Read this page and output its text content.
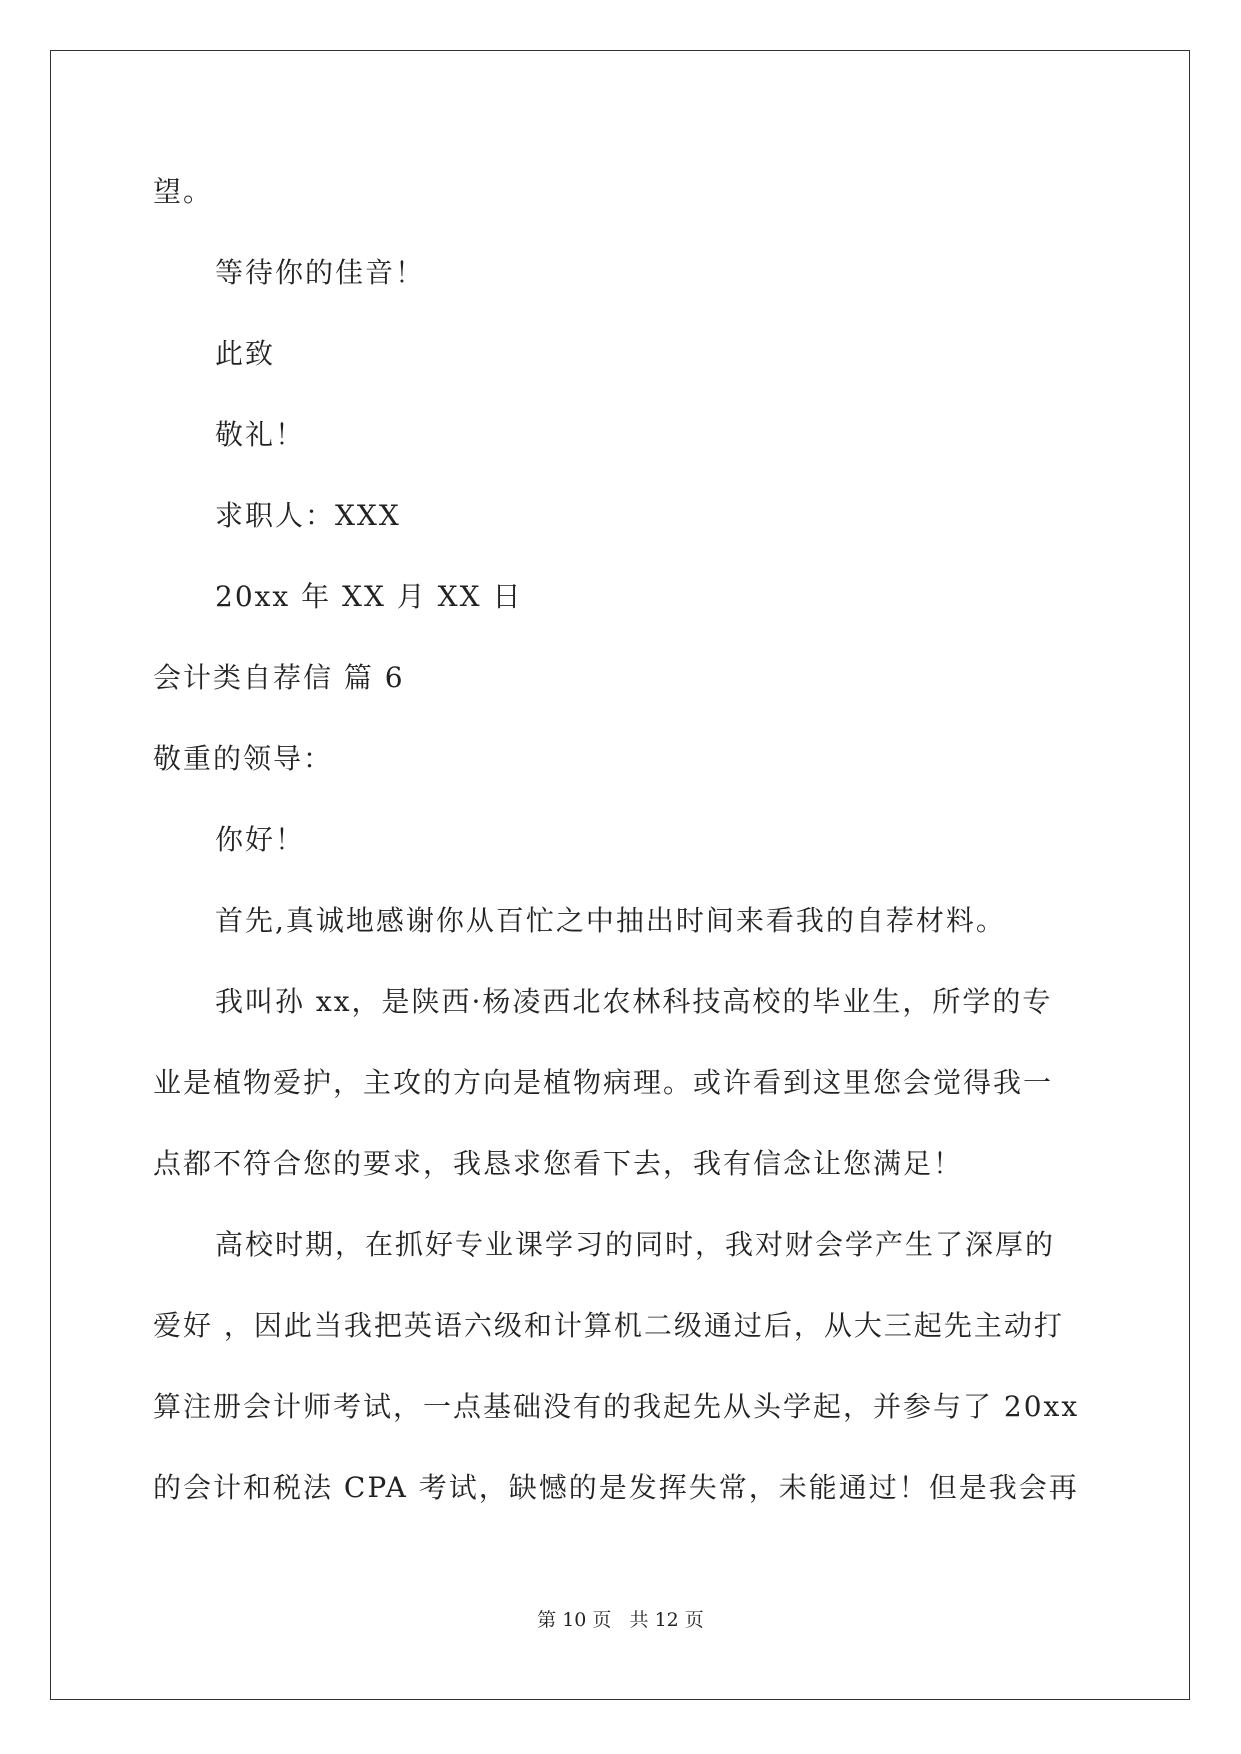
望。
等待你的佳音！
此致
敬礼！
求职人：XXX
20xx 年 XX 月 XX 日
会计类自荐信 篇 6
敬重的领导：
你好！
首先,真诚地感谢你从百忙之中抽出时间来看我的自荐材料。
我叫孙 xx，是陕西·杨凌西北农林科技高校的毕业生，所学的专
业是植物爱护，主攻的方向是植物病理。或许看到这里您会觉得我一
点都不符合您的要求，我恳求您看下去，我有信念让您满足！
高校时期，在抓好专业课学习的同时，我对财会学产生了深厚的
爱好 ，因此当我把英语六级和计算机二级通过后，从大三起先主动打
算注册会计师考试，一点基础没有的我起先从头学起，并参与了 20xx
的会计和税法 CPA 考试，缺憾的是发挥失常，未能通过！但是我会再
第 10 页   共 12 页
